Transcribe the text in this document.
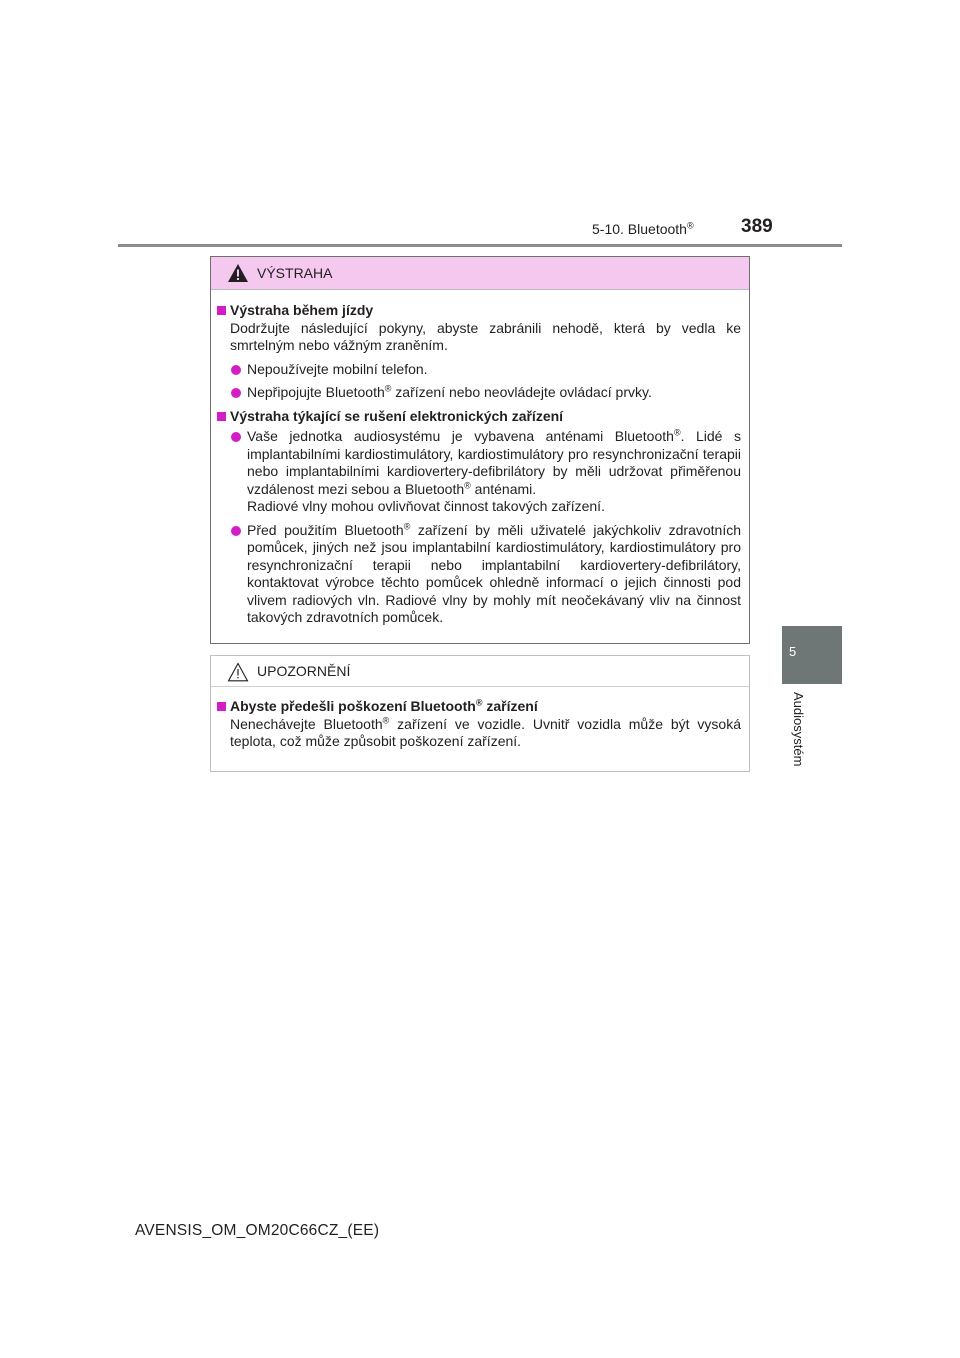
5-10. Bluetooth® 389
5
Audiosystém
VÝSTRAHA

Výstraha během jízdy

Dodržujte následující pokyny, abyste zabránili nehodě, která by vedla ke smrtelným nebo vážným zraněním.

Nepoužívejte mobilní telefon.

Nepřipojujte Bluetooth® zařízení nebo neovládejte ovládací prvky.

Výstraha týkající se rušení elektronických zařízení

Vaše jednotka audiosystému je vybavena anténami Bluetooth®. Lidé s implantabilními kardiostimulátory, kardiostimulátory pro resynchronizační terapii nebo implantabilními kardiovertery-defibrilátory by měli udržovat přiměřenou vzdálenost mezi sebou a Bluetooth® anténami.
Radiové vlny mohou ovlivňovat činnost takových zařízení.

Před použitím Bluetooth® zařízení by měli uživatelé jakýchkoliv zdravotních pomůcek, jiných než jsou implantabilní kardiostimulátory, kardiostimulátory pro resynchronizační terapii nebo implantabilní kardiovertery-defibrilátory, kontaktovat výrobce těchto pomůcek ohledně informací o jejich činnosti pod vlivem radiových vln. Radiové vlny by mohly mít neočekávaný vliv na činnost takových zdravotních pomůcek.

UPOZORNĚNÍ

Abyste předešli poškození Bluetooth® zařízení

Nenechávejte Bluetooth® zařízení ve vozidle. Uvnitř vozidla může být vysoká teplota, což může způsobit poškození zařízení.

AVENSIS_OM_OM20C66CZ_(EE)
